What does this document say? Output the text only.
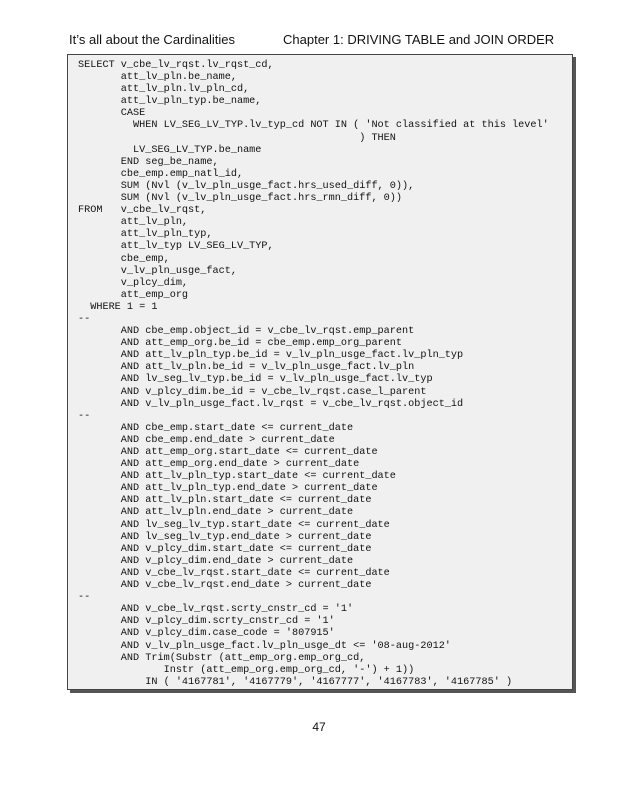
It’s all about the Cardinalities	Chapter 1: DRIVING TABLE and JOIN ORDER
SELECT v_cbe_lv_rqst.lv_rqst_cd,
att_lv_pln.be_name,
att_lv_pln.lv_pln_cd,
att_lv_pln_typ.be_name,
CASE
WHEN LV_SEG_LV_TYP.lv_typ_cd NOT IN ( 'Not classified at this level'
) THEN
LV_SEG_LV_TYP.be_name
END seg_be_name,
cbe_emp.emp_natl_id,
SUM (Nvl (v_lv_pln_usge_fact.hrs_used_diff, 0)),
SUM (Nvl (v_lv_pln_usge_fact.hrs_rmn_diff, 0))
FROM   v_cbe_lv_rqst,
att_lv_pln,
att_lv_pln_typ,
att_lv_typ LV_SEG_LV_TYP,
cbe_emp,
v_lv_pln_usge_fact,
v_plcy_dim,
att_emp_org
WHERE 1 = 1
--
AND cbe_emp.object_id = v_cbe_lv_rqst.emp_parent
AND att_emp_org.be_id = cbe_emp.emp_org_parent
AND att_lv_pln_typ.be_id = v_lv_pln_usge_fact.lv_pln_typ
AND att_lv_pln.be_id = v_lv_pln_usge_fact.lv_pln
AND lv_seg_lv_typ.be_id = v_lv_pln_usge_fact.lv_typ
AND v_plcy_dim.be_id = v_cbe_lv_rqst.case_l_parent
AND v_lv_pln_usge_fact.lv_rqst = v_cbe_lv_rqst.object_id
--
AND cbe_emp.start_date <= current_date
AND cbe_emp.end_date > current_date
AND att_emp_org.start_date <= current_date
AND att_emp_org.end_date > current_date
AND att_lv_pln_typ.start_date <= current_date
AND att_lv_pln_typ.end_date > current_date
AND att_lv_pln.start_date <= current_date
AND att_lv_pln.end_date > current_date
AND lv_seg_lv_typ.start_date <= current_date
AND lv_seg_lv_typ.end_date > current_date
AND v_plcy_dim.start_date <= current_date
AND v_plcy_dim.end_date > current_date
AND v_cbe_lv_rqst.start_date <= current_date
AND v_cbe_lv_rqst.end_date > current_date
--
AND v_cbe_lv_rqst.scrty_cnstr_cd = '1'
AND v_plcy_dim.scrty_cnstr_cd = '1'
AND v_plcy_dim.case_code = '807915'
AND v_lv_pln_usge_fact.lv_pln_usge_dt <= '08-aug-2012'
AND Trim(Substr (att_emp_org.emp_org_cd,
Instr (att_emp_org.emp_org_cd, '-') + 1))
IN ( '4167781', '4167779', '4167777', '4167783', '4167785' )
47
